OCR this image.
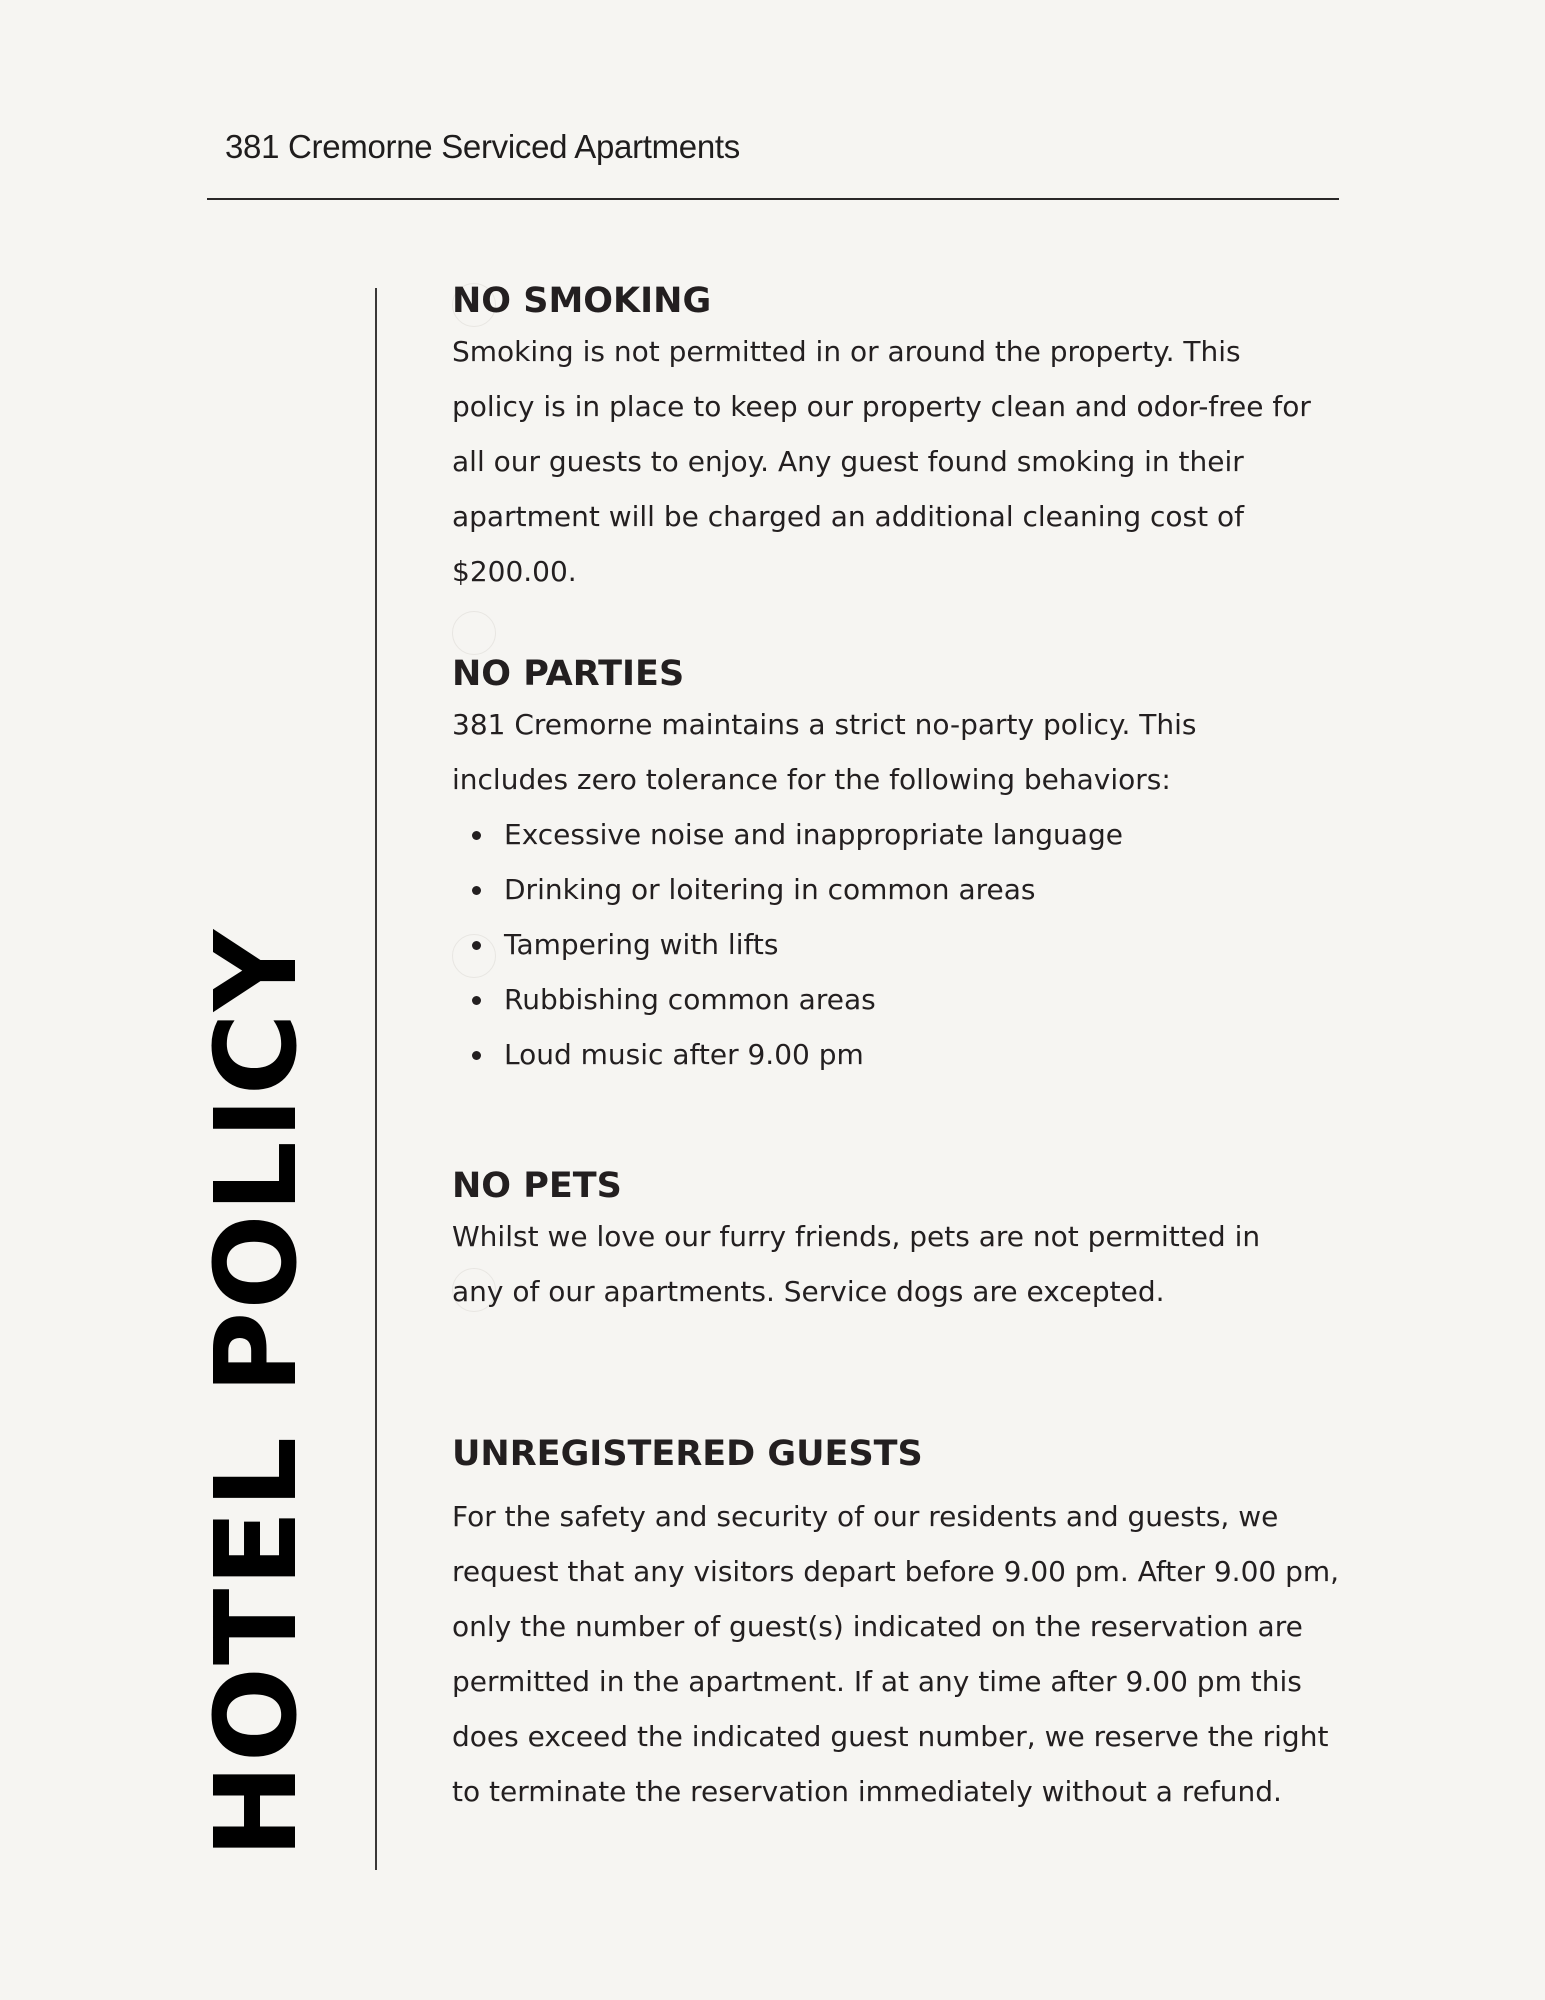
381 Cremorne Serviced Apartments
HOTEL POLICY
NO SMOKING

Smoking is not permitted in or around the property. This policy is in place to keep our property clean and odor-free for all our guests to enjoy. Any guest found smoking in their apartment will be charged an additional cleaning cost of $200.00.

NO PARTIES

381 Cremorne maintains a strict no-party policy. This includes zero tolerance for the following behaviors:

Excessive noise and inappropriate language
Drinking or loitering in common areas
Tampering with lifts
Rubbishing common areas
Loud music after 9.00 pm
NO PETS

Whilst we love our furry friends, pets are not permitted in any of our apartments. Service dogs are excepted.

UNREGISTERED GUESTS

For the safety and security of our residents and guests, we request that any visitors depart before 9.00 pm. After 9.00 pm, only the number of guest(s) indicated on the reservation are permitted in the apartment. If at any time after 9.00 pm this does exceed the indicated guest number, we reserve the right to terminate the reservation immediately without a refund.
